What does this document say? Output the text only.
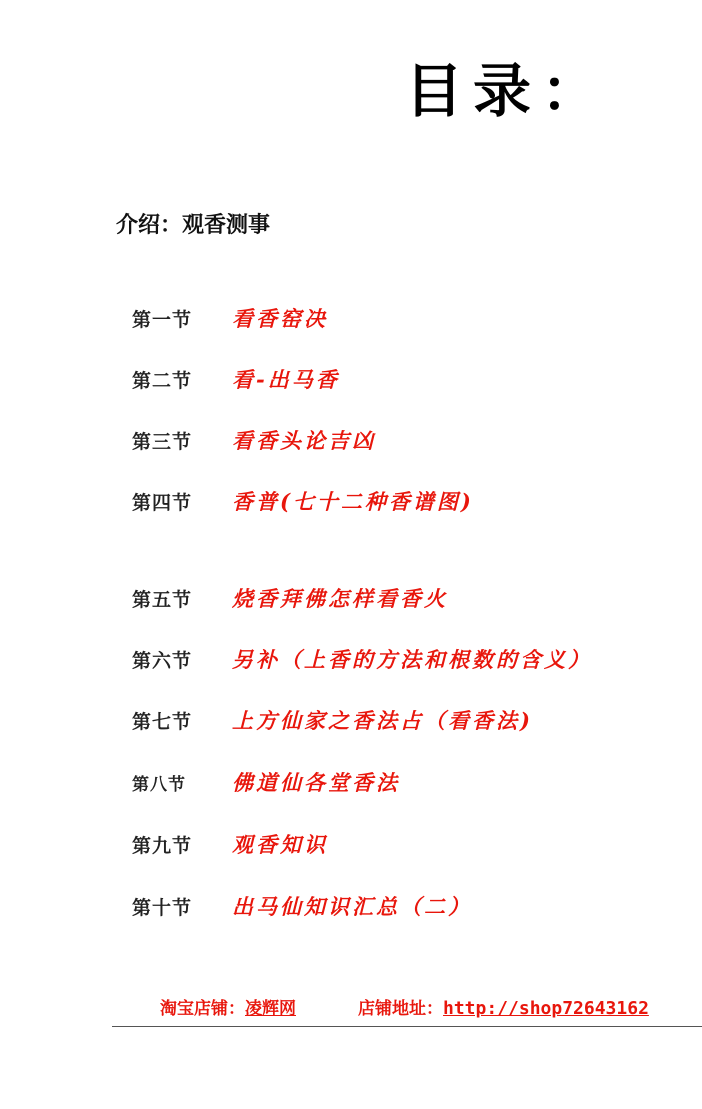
目录：
介绍：观香测事
第一节	看香窑决
第二节	看-出马香
第三节	看香头论吉凶
第四节	香普(七十二种香谱图)
第五节	烧香拜佛怎样看香火
第六节	另补（上香的方法和根数的含义）
第七节	上方仙家之香法占（看香法)
第八节	佛道仙各堂香法
第九节	观香知识
第十节	出马仙知识汇总（二）
淘宝店铺：凌辉网	店铺地址：http://shop72643162
